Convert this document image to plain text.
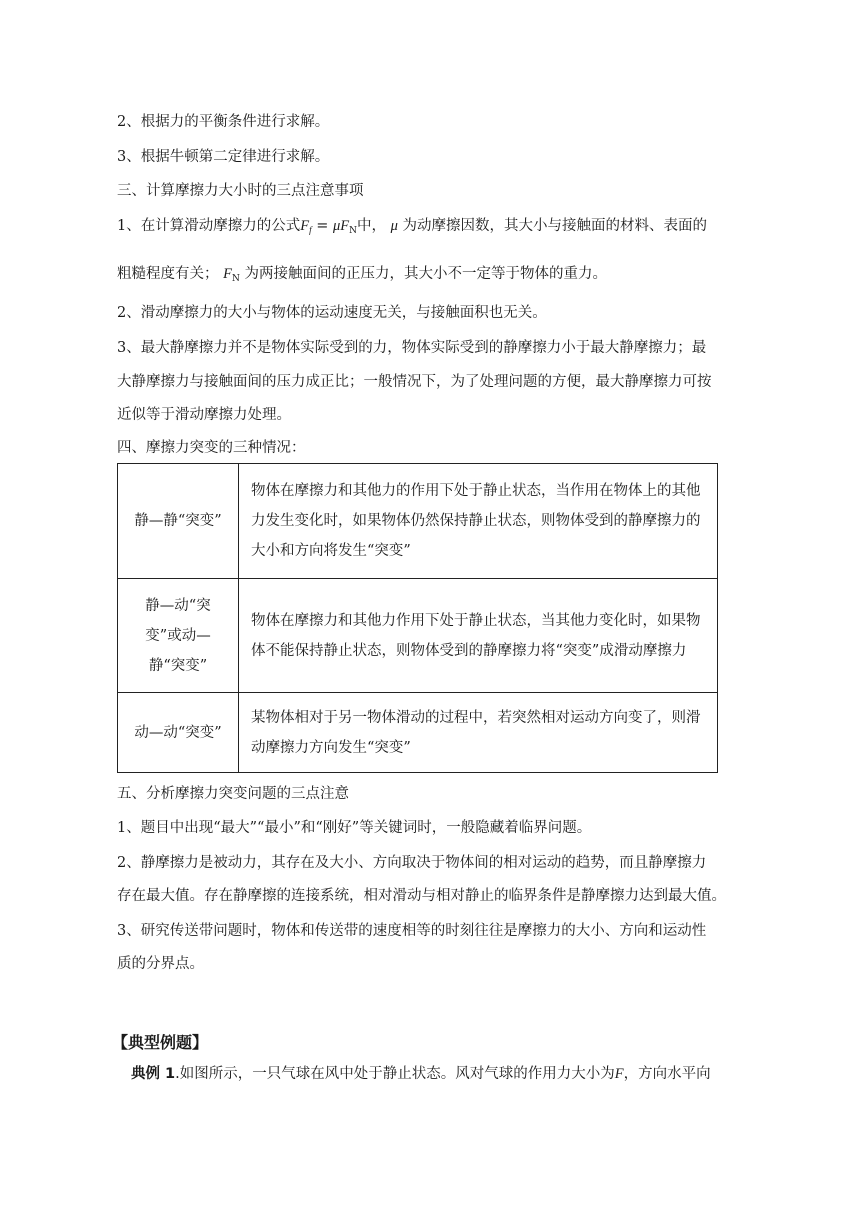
2、根据力的平衡条件进行求解。
3、根据牛顿第二定律进行求解。
三、计算摩擦力大小时的三点注意事项
1、在计算滑动摩擦力的公式$F_f = \mu F_N$中， μ 为动摩擦因数，其大小与接触面的材料、表面的
粗糙程度有关； $F_N$ 为两接触面间的正压力，其大小不一定等于物体的重力。
2、滑动摩擦力的大小与物体的运动速度无关，与接触面积也无关。
3、最大静摩擦力并不是物体实际受到的力，物体实际受到的静摩擦力小于最大静摩擦力；最
大静摩擦力与接触面间的压力成正比；一般情况下，为了处理问题的方便，最大静摩擦力可按
近似等于滑动摩擦力处理。
四、摩擦力突变的三种情况：
静—静“突变”	物体在摩擦力和其他力的作用下处于静止状态，当作用在物体上的其他力发生变化时，如果物体仍然保持静止状态，则物体受到的静摩擦力的大小和方向将发生“突变”
静—动“突变”或动—静“突变”	物体在摩擦力和其他力作用下处于静止状态，当其他力变化时，如果物体不能保持静止状态，则物体受到的静摩擦力将“突变”成滑动摩擦力
动—动“突变”	某物体相对于另一物体滑动的过程中，若突然相对运动方向变了，则滑动摩擦力方向发生“突变”
五、分析摩擦力突变问题的三点注意
1、题目中出现“最大”“最小”和“刚好”等关键词时，一般隐藏着临界问题。
2、静摩擦力是被动力，其存在及大小、方向取决于物体间的相对运动的趋势，而且静摩擦力
存在最大值。存在静摩擦的连接系统，相对滑动与相对静止的临界条件是静摩擦力达到最大值。
3、研究传送带问题时，物体和传送带的速度相等的时刻往往是摩擦力的大小、方向和运动性
质的分界点。
【典型例题】
典例 1.如图所示，一只气球在风中处于静止状态。风对气球的作用力大小为F，方向水平向
